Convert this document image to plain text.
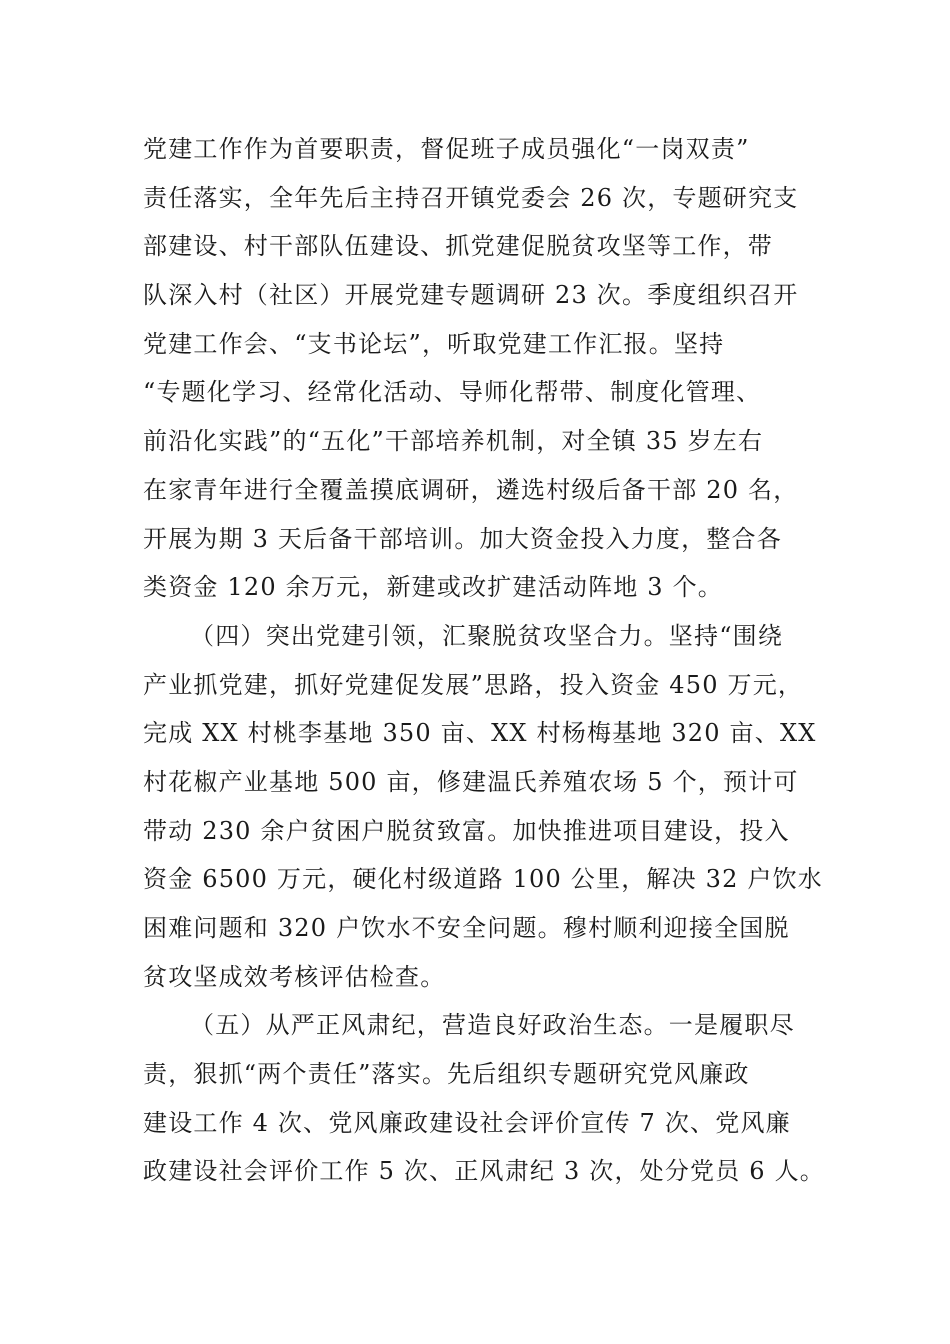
党建工作作为首要职责，督促班子成员强化“一岗双责”
责任落实，全年先后主持召开镇党委会 26 次，专题研究支
部建设、村干部队伍建设、抓党建促脱贫攻坚等工作，带
队深入村（社区）开展党建专题调研 23 次。季度组织召开
党建工作会、“支书论坛”，听取党建工作汇报。坚持
“专题化学习、经常化活动、导师化帮带、制度化管理、
前沿化实践”的“五化”干部培养机制，对全镇 35 岁左右
在家青年进行全覆盖摸底调研，遴选村级后备干部 20 名，
开展为期 3 天后备干部培训。加大资金投入力度，整合各
类资金 120 余万元，新建或改扩建活动阵地 3 个。
（四）突出党建引领，汇聚脱贫攻坚合力。坚持“围绕
产业抓党建，抓好党建促发展”思路，投入资金 450 万元，
完成 XX 村桃李基地 350 亩、XX 村杨梅基地 320 亩、XX
村花椒产业基地 500 亩，修建温氏养殖农场 5 个，预计可
带动 230 余户贫困户脱贫致富。加快推进项目建设，投入
资金 6500 万元，硬化村级道路 100 公里，解决 32 户饮水
困难问题和 320 户饮水不安全问题。穆村顺利迎接全国脱
贫攻坚成效考核评估检查。
（五）从严正风肃纪，营造良好政治生态。一是履职尽
责，狠抓“两个责任”落实。先后组织专题研究党风廉政
建设工作 4 次、党风廉政建设社会评价宣传 7 次、党风廉
政建设社会评价工作 5 次、正风肃纪 3 次，处分党员 6 人。
